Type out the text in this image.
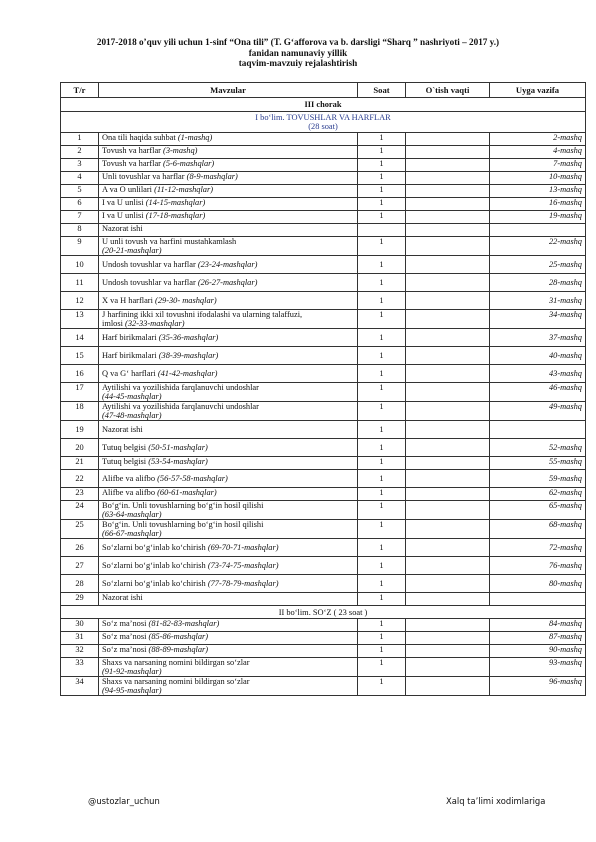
2017-2018 o’quv yili uchun 1-sinf “Ona tili” (T. G‘afforova va b. darsligi “Sharq ” nashriyoti – 2017 y.)
fanidan namunaviy yillik
taqvim-mavzuiy rejalashtirish
T/r	Mavzular	Soat	O`tish vaqti	Uyga vazifa
III chorak				
I bo‘lim. TOVUSHLAR VA HARFLAR
(28 soat)				
1	Ona tili haqida suhbat (1-mashq)	1		2-mashq
2	Tovush va harflar (3-mashq)	1		4-mashq
3	Tovush va harflar (5-6-mashqlar)	1		7-mashq
4	Unli tovushlar va harflar (8-9-mashqlar)	1		10-mashq
5	A va O unlilari (11-12-mashqlar)	1		13-mashq
6	I va U unlisi (14-15-mashqlar)	1		16-mashq
7	I va U unlisi (17-18-mashqlar)	1		19-mashq
8	Nazorat ishi			
9	U unli tovush va harfini mustahkamlash
(20-21-mashqlar)	1		22-mashq
10	Undosh tovushlar va harflar (23-24-mashqlar)	1		25-mashq
11	Undosh tovushlar va harflar (26-27-mashqlar)	1		28-mashq
12	X va H harflari (29-30- mashqlar)	1		31-mashq
13	J harfining ikki xil tovushni ifodalashi va ularning talaffuzi,
imlosi (32-33-mashqlar)	1		34-mashq
14	Harf birikmalari (35-36-mashqlar)	1		37-mashq
15	Harf birikmalari (38-39-mashqlar)	1		40-mashq
16	Q va G‘ harflari (41-42-mashqlar)	1		43-mashq
17	Aytilishi va yozilishida farqlanuvchi undoshlar
(44-45-mashqlar)	1		46-mashq
18	Aytilishi va yozilishida farqlanuvchi undoshlar
(47-48-mashqlar)	1		49-mashq
19	Nazorat ishi	1		
20	Tutuq belgisi (50-51-mashqlar)	1		52-mashq
21	Tutuq belgisi (53-54-mashqlar)	1		55-mashq
22	Alifbe va alifbo (56-57-58-mashqlar)	1		59-mashq
23	Alifbe va alifbo (60-61-mashqlar)	1		62-mashq
24	Bo‘g‘in. Unli tovushlarning bo‘g‘in hosil qilishi
(63-64-mashqlar)	1		65-mashq
25	Bo‘g‘in. Unli tovushlarning bo‘g‘in hosil qilishi
(66-67-mashqlar)	1		68-mashq
26	So‘zlarni bo‘g‘inlab ko‘chirish (69-70-71-mashqlar)	1		72-mashq
27	So‘zlarni bo‘g‘inlab ko‘chirish (73-74-75-mashqlar)	1		76-mashq
28	So‘zlarni bo‘g‘inlab ko‘chirish (77-78-79-mashqlar)	1		80-mashq
29	Nazorat ishi	1		
II bo‘lim. SO‘Z ( 23 soat )				
30	So‘z ma’nosi (81-82-83-mashqlar)	1		84-mashq
31	So‘z ma’nosi (85-86-mashqlar)	1		87-mashq
32	So‘z ma’nosi (88-89-mashqlar)	1		90-mashq
33	Shaxs va narsaning nomini bildirgan so‘zlar
(91-92-mashqlar)	1		93-mashq
34	Shaxs va narsaning nomini bildirgan so‘zlar
(94-95-mashqlar)	1		96-mashq
@ustozlar_uchun	Xalq ta’limi xodimlariga
